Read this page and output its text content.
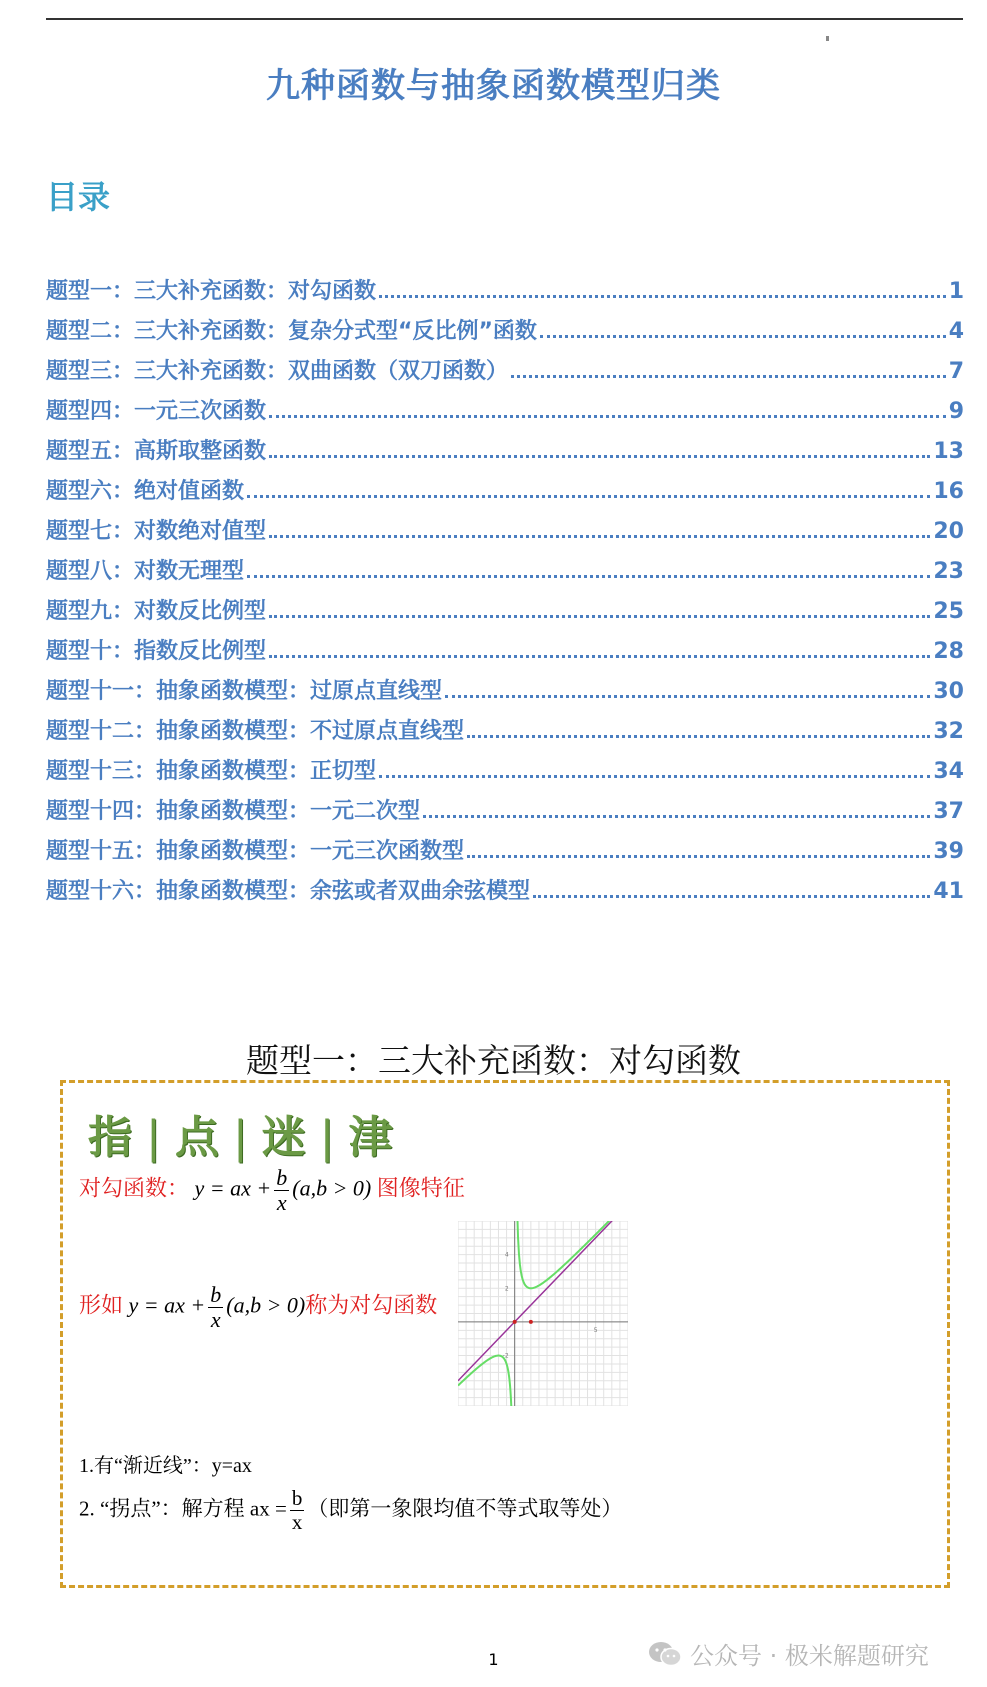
九种函数与抽象函数模型归类
目录
题型一：三大补充函数：对勾函数	1
题型二：三大补充函数：复杂分式型“反比例”函数	4
题型三：三大补充函数：双曲函数（双刀函数）	7
题型四：一元三次函数	9
题型五：高斯取整函数	13
题型六：绝对值函数	16
题型七：对数绝对值型	20
题型八：对数无理型	23
题型九：对数反比例型	25
题型十：指数反比例型	28
题型十一：抽象函数模型：过原点直线型	30
题型十二：抽象函数模型：不过原点直线型	32
题型十三：抽象函数模型：正切型	34
题型十四：抽象函数模型：一元二次型	37
题型十五：抽象函数模型：一元三次函数型	39
题型十六：抽象函数模型：余弦或者双曲余弦模型	41
题型一：三大补充函数：对勾函数
指 | 点 | 迷 | 津
对勾函数： y = ax + $\frac{b}{x} (a,b > 0)$ 图像特征
形如 y = ax + $\frac{b}{x} (a,b > 0)$称为对勾函数
5
2
-2
4
1.有“渐近线”：y=ax
2. “拐点”：解方程 ax = $\frac{b}{x}$ （即第一象限均值不等式取等处）
1	公众号 · 极米解题研究
